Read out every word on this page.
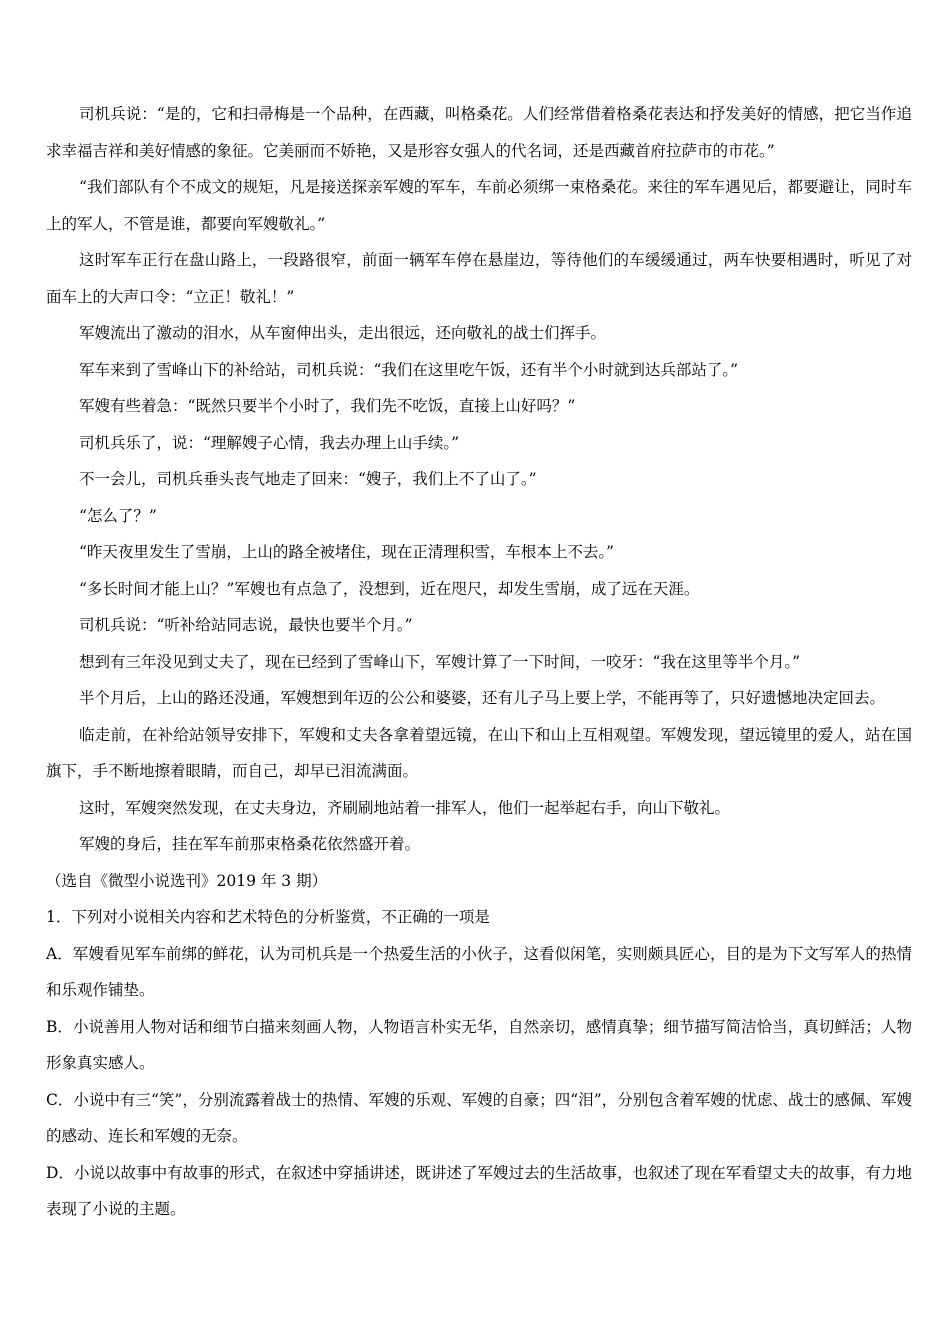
司机兵说：“是的，它和扫帚梅是一个品种，在西藏，叫格桑花。人们经常借着格桑花表达和抒发美好的情感，把它当作追求幸福吉祥和美好情感的象征。它美丽而不娇艳，又是形容女强人的代名词，还是西藏首府拉萨市的市花。”

“我们部队有个不成文的规矩，凡是接送探亲军嫂的军车，车前必须绑一束格桑花。来往的军车遇见后，都要避让，同时车上的军人，不管是谁，都要向军嫂敬礼。”

这时军车正行在盘山路上，一段路很窄，前面一辆军车停在悬崖边，等待他们的车缓缓通过，两车快要相遇时，听见了对面车上的大声口令：“立正！敬礼！”

军嫂流出了激动的泪水，从车窗伸出头，走出很远，还向敬礼的战士们挥手。

军车来到了雪峰山下的补给站，司机兵说：“我们在这里吃午饭，还有半个小时就到达兵部站了。”

军嫂有些着急：“既然只要半个小时了，我们先不吃饭，直接上山好吗？”

司机兵乐了，说：“理解嫂子心情，我去办理上山手续。”

不一会儿，司机兵垂头丧气地走了回来：“嫂子，我们上不了山了。”

“怎么了？”

“昨天夜里发生了雪崩，上山的路全被堵住，现在正清理积雪，车根本上不去。”

“多长时间才能上山？”军嫂也有点急了，没想到，近在咫尺，却发生雪崩，成了远在天涯。

司机兵说：“听补给站同志说，最快也要半个月。”

想到有三年没见到丈夫了，现在已经到了雪峰山下，军嫂计算了一下时间，一咬牙：“我在这里等半个月。”

半个月后，上山的路还没通，军嫂想到年迈的公公和婆婆，还有儿子马上要上学，不能再等了，只好遗憾地决定回去。

临走前，在补给站领导安排下，军嫂和丈夫各拿着望远镜，在山下和山上互相观望。军嫂发现，望远镜里的爱人，站在国旗下，手不断地擦着眼睛，而自己，却早已泪流满面。

这时，军嫂突然发现，在丈夫身边，齐刷刷地站着一排军人，他们一起举起右手，向山下敬礼。

军嫂的身后，挂在军车前那束格桑花依然盛开着。

（选自《微型小说选刊》2019 年 3 期）

1．下列对小说相关内容和艺术特色的分析鉴赏，不正确的一项是

A．军嫂看见军车前绑的鲜花，认为司机兵是一个热爱生活的小伙子，这看似闲笔，实则颇具匠心，目的是为下文写军人的热情和乐观作铺垫。

B．小说善用人物对话和细节白描来刻画人物，人物语言朴实无华，自然亲切，感情真挚；细节描写简洁恰当，真切鲜活；人物形象真实感人。

C．小说中有三“笑”，分别流露着战士的热情、军嫂的乐观、军嫂的自豪；四“泪”，分别包含着军嫂的忧虑、战士的感佩、军嫂的感动、连长和军嫂的无奈。

D．小说以故事中有故事的形式，在叙述中穿插讲述，既讲述了军嫂过去的生活故事，也叙述了现在军看望丈夫的故事，有力地表现了小说的主题。
